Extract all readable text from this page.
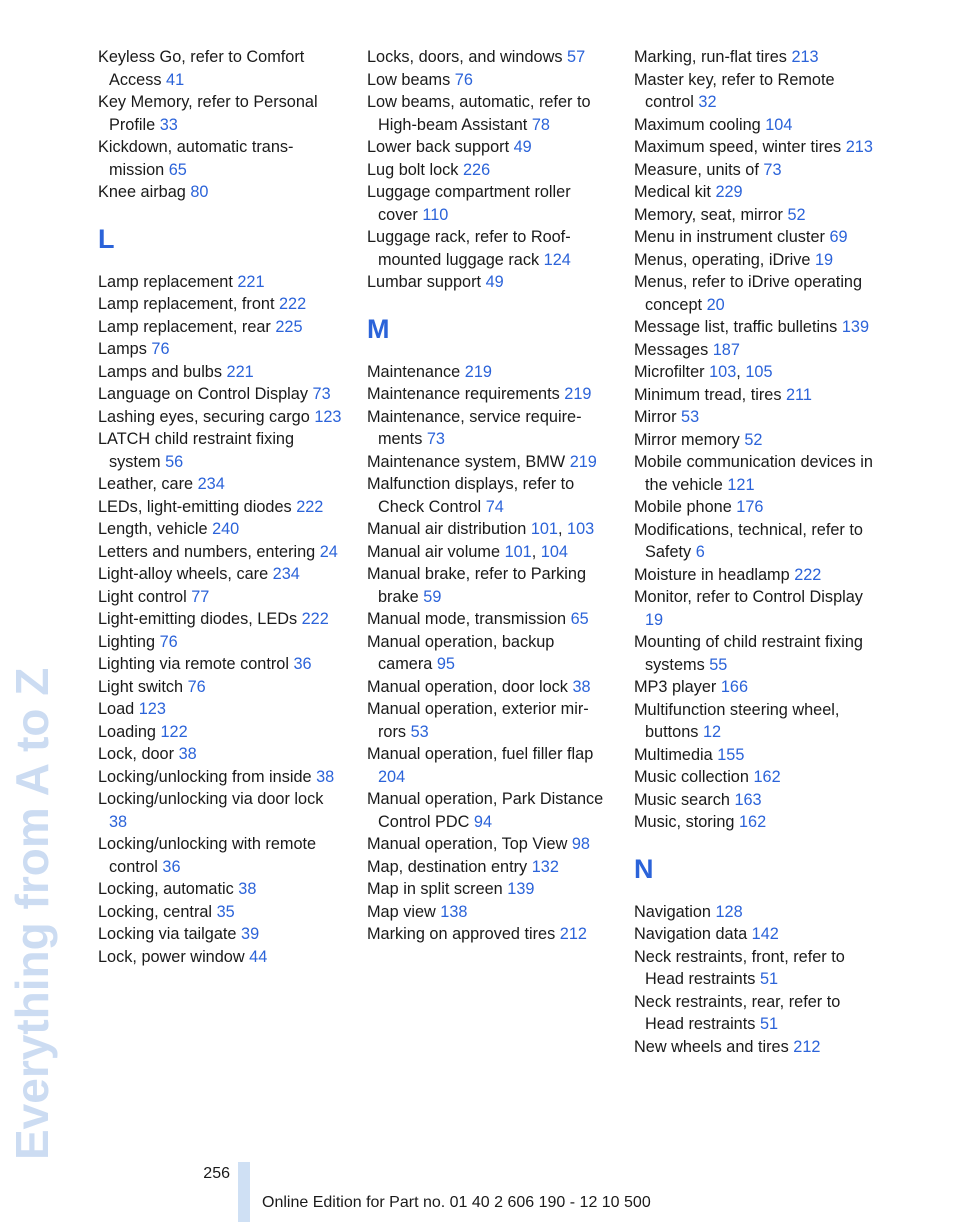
Everything from A to Z
Keyless Go, refer to Comfort Access 41
Key Memory, refer to Personal Profile 33
Kickdown, automatic transmission 65
Knee airbag 80
L
Lamp replacement 221
Lamp replacement, front 222
Lamp replacement, rear 225
Lamps 76
Lamps and bulbs 221
Language on Control Display 73
Lashing eyes, securing cargo 123
LATCH child restraint fixing system 56
Leather, care 234
LEDs, light-emitting diodes 222
Length, vehicle 240
Letters and numbers, entering 24
Light-alloy wheels, care 234
Light control 77
Light-emitting diodes, LEDs 222
Lighting 76
Lighting via remote control 36
Light switch 76
Load 123
Loading 122
Lock, door 38
Locking/unlocking from inside 38
Locking/unlocking via door lock 38
Locking/unlocking with remote control 36
Locking, automatic 38
Locking, central 35
Locking via tailgate 39
Lock, power window 44
Locks, doors, and windows 57
Low beams 76
Low beams, automatic, refer to High-beam Assistant 78
Lower back support 49
Lug bolt lock 226
Luggage compartment roller cover 110
Luggage rack, refer to Roof-mounted luggage rack 124
Lumbar support 49
M
Maintenance 219
Maintenance requirements 219
Maintenance, service requirements 73
Maintenance system, BMW 219
Malfunction displays, refer to Check Control 74
Manual air distribution 101, 103
Manual air volume 101, 104
Manual brake, refer to Parking brake 59
Manual mode, transmission 65
Manual operation, backup camera 95
Manual operation, door lock 38
Manual operation, exterior mirrors 53
Manual operation, fuel filler flap 204
Manual operation, Park Distance Control PDC 94
Manual operation, Top View 98
Map, destination entry 132
Map in split screen 139
Map view 138
Marking on approved tires 212
Marking, run-flat tires 213
Master key, refer to Remote control 32
Maximum cooling 104
Maximum speed, winter tires 213
Measure, units of 73
Medical kit 229
Memory, seat, mirror 52
Menu in instrument cluster 69
Menus, operating, iDrive 19
Menus, refer to iDrive operating concept 20
Message list, traffic bulletins 139
Messages 187
Microfilter 103, 105
Minimum tread, tires 211
Mirror 53
Mirror memory 52
Mobile communication devices in the vehicle 121
Mobile phone 176
Modifications, technical, refer to Safety 6
Moisture in headlamp 222
Monitor, refer to Control Display 19
Mounting of child restraint fixing systems 55
MP3 player 166
Multifunction steering wheel, buttons 12
Multimedia 155
Music collection 162
Music search 163
Music, storing 162
N
Navigation 128
Navigation data 142
Neck restraints, front, refer to Head restraints 51
Neck restraints, rear, refer to Head restraints 51
New wheels and tires 212
256
Online Edition for Part no. 01 40 2 606 190 - 12 10 500
